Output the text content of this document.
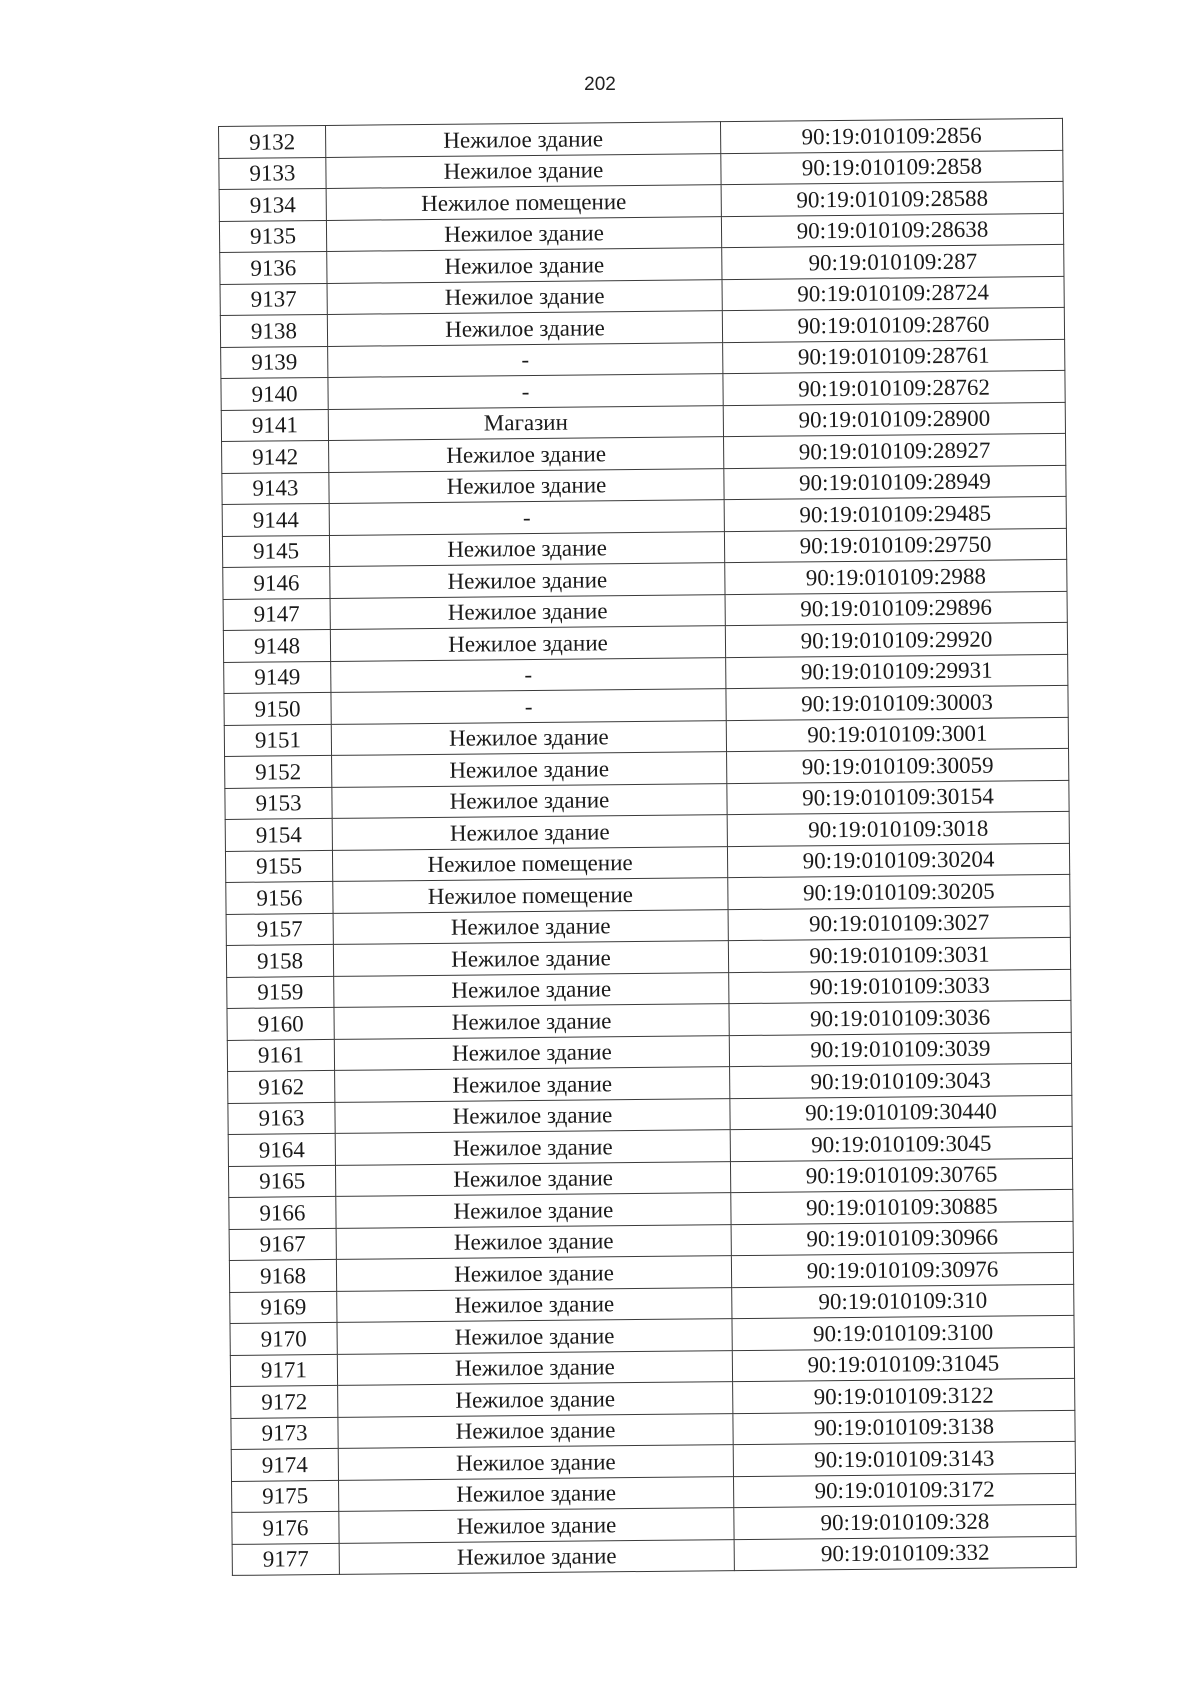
202
9132	Нежилое здание	90:19:010109:2856
9133	Нежилое здание	90:19:010109:2858
9134	Нежилое помещение	90:19:010109:28588
9135	Нежилое здание	90:19:010109:28638
9136	Нежилое здание	90:19:010109:287
9137	Нежилое здание	90:19:010109:28724
9138	Нежилое здание	90:19:010109:28760
9139	-	90:19:010109:28761
9140	-	90:19:010109:28762
9141	Магазин	90:19:010109:28900
9142	Нежилое здание	90:19:010109:28927
9143	Нежилое здание	90:19:010109:28949
9144	-	90:19:010109:29485
9145	Нежилое здание	90:19:010109:29750
9146	Нежилое здание	90:19:010109:2988
9147	Нежилое здание	90:19:010109:29896
9148	Нежилое здание	90:19:010109:29920
9149	-	90:19:010109:29931
9150	-	90:19:010109:30003
9151	Нежилое здание	90:19:010109:3001
9152	Нежилое здание	90:19:010109:30059
9153	Нежилое здание	90:19:010109:30154
9154	Нежилое здание	90:19:010109:3018
9155	Нежилое помещение	90:19:010109:30204
9156	Нежилое помещение	90:19:010109:30205
9157	Нежилое здание	90:19:010109:3027
9158	Нежилое здание	90:19:010109:3031
9159	Нежилое здание	90:19:010109:3033
9160	Нежилое здание	90:19:010109:3036
9161	Нежилое здание	90:19:010109:3039
9162	Нежилое здание	90:19:010109:3043
9163	Нежилое здание	90:19:010109:30440
9164	Нежилое здание	90:19:010109:3045
9165	Нежилое здание	90:19:010109:30765
9166	Нежилое здание	90:19:010109:30885
9167	Нежилое здание	90:19:010109:30966
9168	Нежилое здание	90:19:010109:30976
9169	Нежилое здание	90:19:010109:310
9170	Нежилое здание	90:19:010109:3100
9171	Нежилое здание	90:19:010109:31045
9172	Нежилое здание	90:19:010109:3122
9173	Нежилое здание	90:19:010109:3138
9174	Нежилое здание	90:19:010109:3143
9175	Нежилое здание	90:19:010109:3172
9176	Нежилое здание	90:19:010109:328
9177	Нежилое здание	90:19:010109:332
